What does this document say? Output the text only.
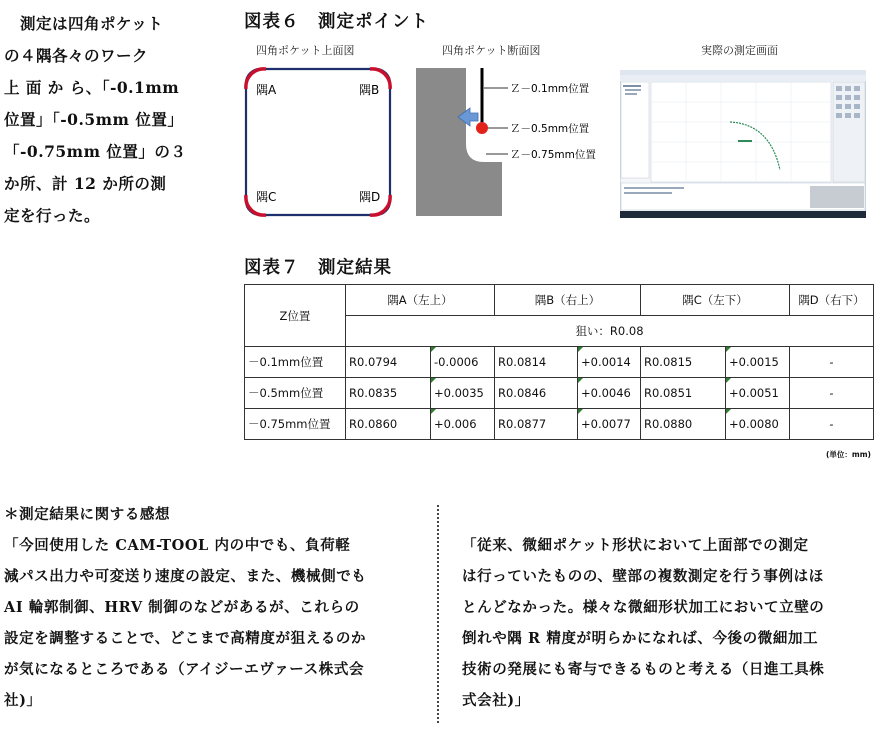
　測定は四角ポケット
の４隅各々のワーク
上 面 か ら、「-0.1mm
位置」「-0.5mm 位置」
「-0.75mm 位置」の３
か所、計 12 か所の測
定を行った。
図表６　測定ポイント
四角ポケット上面図	四角ポケット断面図	実際の測定画面
隅A	隅B
隅C	隅D
Ｚ－0.1mm位置
Ｚ－0.5mm位置
Ｚ－0.75mm位置
図表７　測定結果
Z位置	隅A（左上）		隅B（右上）		隅C（左下）		隅D（右下）
	狙い：R0.08						
－0.1mm位置	R0.0794	-0.0006	R0.0814	+0.0014	R0.0815	+0.0015	-
－0.5mm位置	R0.0835	+0.0035	R0.0846	+0.0046	R0.0851	+0.0051	-
－0.75mm位置	R0.0860	+0.006	R0.0877	+0.0077	R0.0880	+0.0080	-
(単位：mm)
＊測定結果に関する感想
「今回使用した CAM-TOOL 内の中でも、負荷軽
減パス出力や可変送り速度の設定、また、機械側でも
AI 輪郭制御、HRV 制御のなどがあるが、これらの
設定を調整することで、どこまで高精度が狙えるのか
が気になるところである（アイジーエヴァース株式会
社)」

「従来、微細ポケット形状において上面部での測定
は行っていたものの、壁部の複数測定を行う事例はほ
とんどなかった。様々な微細形状加工において立壁の
倒れや隅 R 精度が明らかになれば、今後の微細加工
技術の発展にも寄与できるものと考える（日進工具株
式会社)」
